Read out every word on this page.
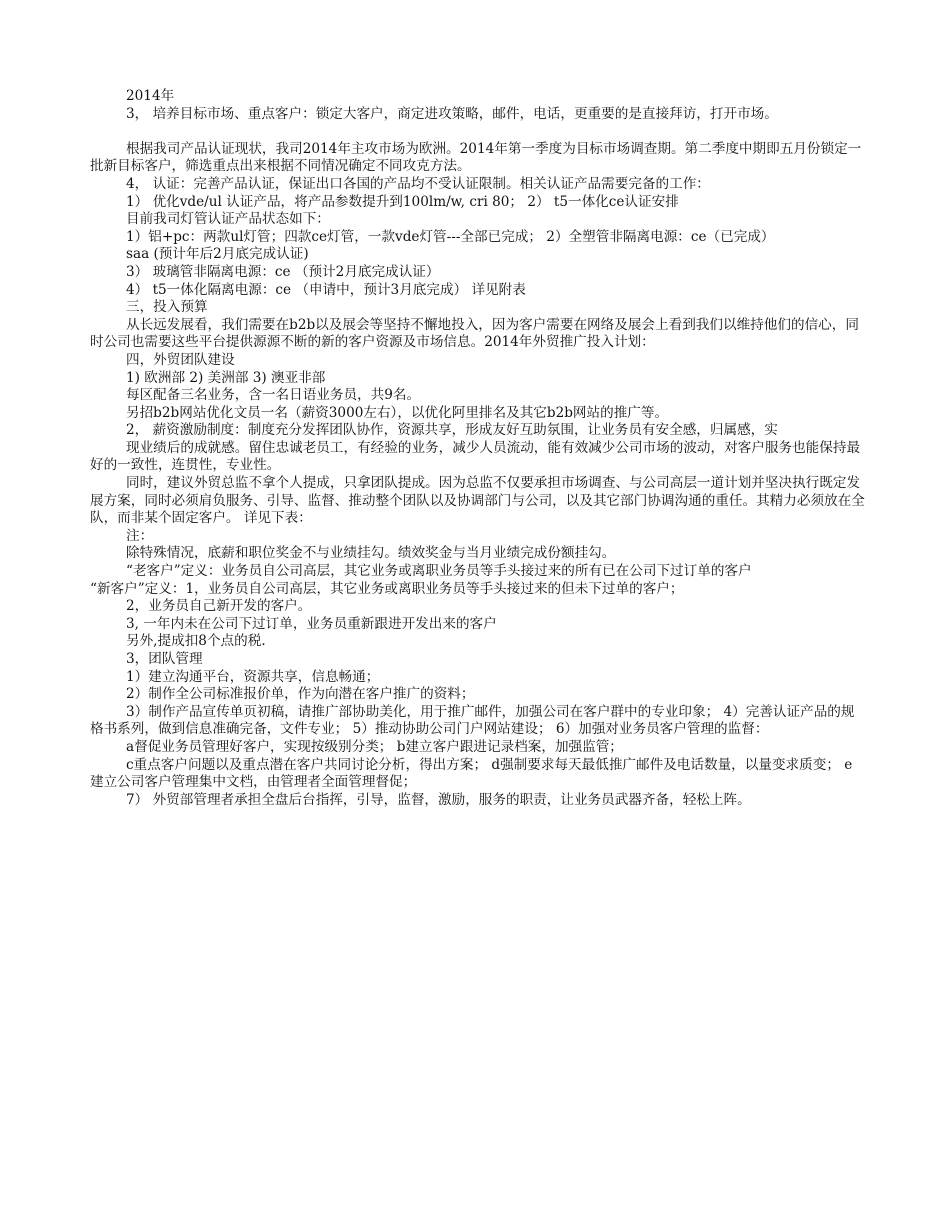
2014年

3， 培养目标市场、重点客户：锁定大客户，商定进攻策略，邮件，电话，更重要的是直接拜访，打开市场。

根据我司产品认证现状，我司2014年主攻市场为欧洲。2014年第一季度为目标市场调查期。第二季度中期即五月份锁定一批新目标客户，筛选重点出来根据不同情况确定不同攻克方法。

4， 认证：完善产品认证，保证出口各国的产品均不受认证限制。相关认证产品需要完备的工作：

1） 优化vde/ul 认证产品，将产品参数提升到100lm/w, cri 80； 2） t5一体化ce认证安排

目前我司灯管认证产品状态如下：

1）铝+pc：两款ul灯管；四款ce灯管，一款vde灯管---全部已完成； 2）全塑管非隔离电源：ce（已完成）

saa (预计年后2月底完成认证)

3） 玻璃管非隔离电源：ce （预计2月底完成认证）

4） t5一体化隔离电源：ce （申请中，预计3月底完成） 详见附表

三，投入预算

从长远发展看，我们需要在b2b以及展会等坚持不懈地投入，因为客户需要在网络及展会上看到我们以维持他们的信心，同时公司也需要这些平台提供源源不断的新的客户资源及市场信息。2014年外贸推广投入计划：

四，外贸团队建设

1) 欧洲部 2) 美洲部 3) 澳亚非部

每区配备三名业务，含一名日语业务员，共9名。

另招b2b网站优化文员一名（薪资3000左右），以优化阿里排名及其它b2b网站的推广等。

2， 薪资激励制度：制度充分发挥团队协作，资源共享，形成友好互助氛围，让业务员有安全感，归属感，实

现业绩后的成就感。留住忠诚老员工，有经验的业务，减少人员流动，能有效减少公司市场的波动，对客户服务也能保持最好的一致性，连贯性，专业性。

同时，建议外贸总监不拿个人提成，只拿团队提成。因为总监不仅要承担市场调查、与公司高层一道计划并坚决执行既定发展方案，同时必须肩负服务、引导、监督、推动整个团队以及协调部门与公司，以及其它部门协调沟通的重任。其精力必须放在全队，而非某个固定客户。 详见下表：

注：

除特殊情况，底薪和职位奖金不与业绩挂勾。绩效奖金与当月业绩完成份额挂勾。

“老客户”定义：业务员自公司高层，其它业务或离职业务员等手头接过来的所有已在公司下过订单的客户

“新客户”定义：1，业务员自公司高层，其它业务或离职业务员等手头接过来的但未下过单的客户；

2，业务员自己新开发的客户。

3, 一年内未在公司下过订单，业务员重新跟进开发出来的客户

另外,提成扣8个点的税.

3，团队管理

1）建立沟通平台，资源共享，信息畅通；

2）制作全公司标准报价单，作为向潜在客户推广的资料；

3）制作产品宣传单页初稿，请推广部协助美化，用于推广邮件，加强公司在客户群中的专业印象； 4）完善认证产品的规格书系列，做到信息准确完备，文件专业； 5）推动协助公司门户网站建设； 6）加强对业务员客户管理的监督：

a督促业务员管理好客户，实现按级别分类； b建立客户跟进记录档案，加强监管；

c重点客户问题以及重点潜在客户共同讨论分析，得出方案； d强制要求每天最低推广邮件及电话数量，以量变求质变； e建立公司客户管理集中文档，由管理者全面管理督促；

7） 外贸部管理者承担全盘后台指挥，引导，监督，激励，服务的职责，让业务员武器齐备，轻松上阵。
